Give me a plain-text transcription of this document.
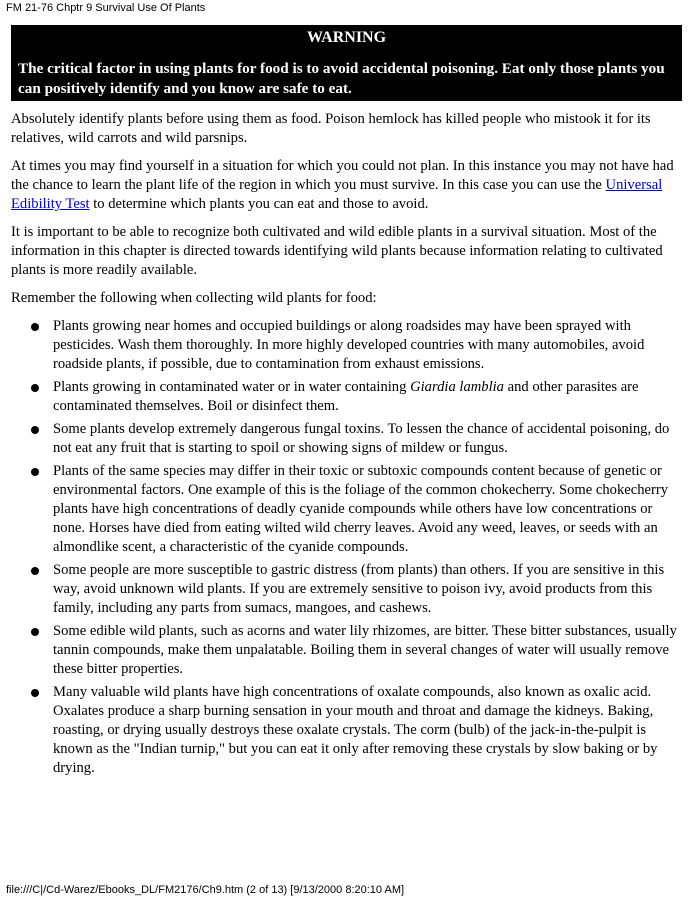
FM 21-76 Chptr 9 Survival Use Of Plants
WARNING
The critical factor in using plants for food is to avoid accidental poisoning. Eat only those plants you can positively identify and you know are safe to eat.

Absolutely identify plants before using them as food. Poison hemlock has killed people who mistook it for its relatives, wild carrots and wild parsnips.

At times you may find yourself in a situation for which you could not plan. In this instance you may not have had the chance to learn the plant life of the region in which you must survive. In this case you can use the Universal Edibility Test to determine which plants you can eat and those to avoid.

It is important to be able to recognize both cultivated and wild edible plants in a survival situation. Most of the information in this chapter is directed towards identifying wild plants because information relating to cultivated plants is more readily available.

Remember the following when collecting wild plants for food:

Plants growing near homes and occupied buildings or along roadsides may have been sprayed with pesticides. Wash them thoroughly. In more highly developed countries with many automobiles, avoid roadside plants, if possible, due to contamination from exhaust emissions.
Plants growing in contaminated water or in water containing Giardia lamblia and other parasites are contaminated themselves. Boil or disinfect them.
Some plants develop extremely dangerous fungal toxins. To lessen the chance of accidental poisoning, do not eat any fruit that is starting to spoil or showing signs of mildew or fungus.
Plants of the same species may differ in their toxic or subtoxic compounds content because of genetic or environmental factors. One example of this is the foliage of the common chokecherry. Some chokecherry plants have high concentrations of deadly cyanide compounds while others have low concentrations or none. Horses have died from eating wilted wild cherry leaves. Avoid any weed, leaves, or seeds with an almondlike scent, a characteristic of the cyanide compounds.
Some people are more susceptible to gastric distress (from plants) than others. If you are sensitive in this way, avoid unknown wild plants. If you are extremely sensitive to poison ivy, avoid products from this family, including any parts from sumacs, mangoes, and cashews.
Some edible wild plants, such as acorns and water lily rhizomes, are bitter. These bitter substances, usually tannin compounds, make them unpalatable. Boiling them in several changes of water will usually remove these bitter properties.
Many valuable wild plants have high concentrations of oxalate compounds, also known as oxalic acid. Oxalates produce a sharp burning sensation in your mouth and throat and damage the kidneys. Baking, roasting, or drying usually destroys these oxalate crystals. The corm (bulb) of the jack-in-the-pulpit is known as the "Indian turnip," but you can eat it only after removing these crystals by slow baking or by drying.
file:///C|/Cd-Warez/Ebooks_DL/FM2176/Ch9.htm (2 of 13) [9/13/2000 8:20:10 AM]
